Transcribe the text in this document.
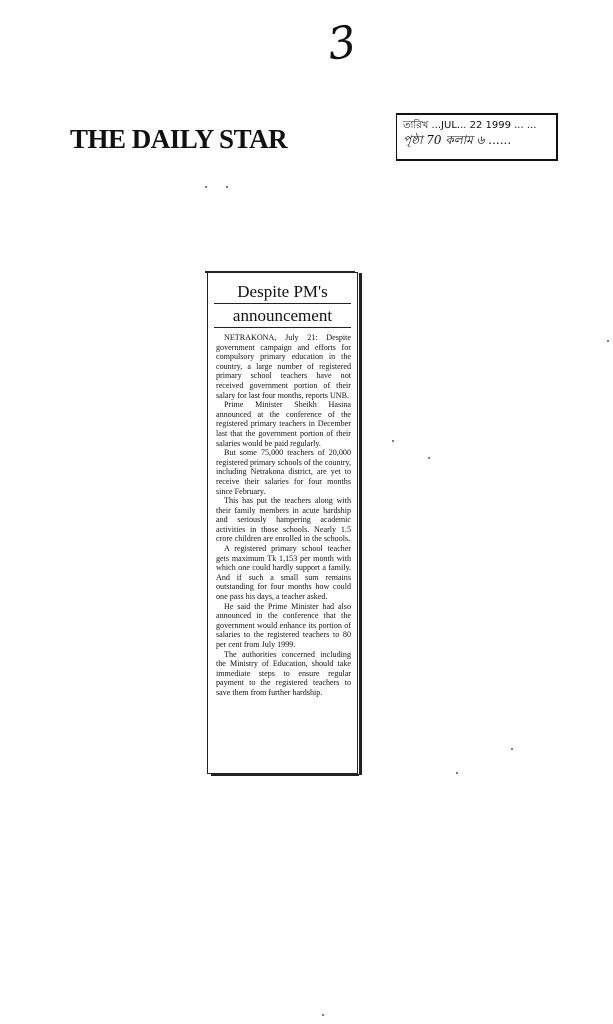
3
THE DAILY STAR	তারিখ ...JUL... 22 1999 ... ...
পৃষ্ঠা 70 কলাম ৬ ......
Despite PM's
announcement

NETRAKONA, July 21: Despite government campaign and efforts for compulsory primary education in the country, a large number of registered primary school teachers have not received government portion of their salary for last four months, reports UNB.

Prime Minister Sheikh Hasina announced at the conference of the registered primary teachers in December last that the government portion of their salaries would be paid regularly.

But some 75,000 teachers of 20,000 registered primary schools of the country, including Netrakona district, are yet to receive their salaries for four months since February.

This has put the teachers along with their family members in acute hardship and seriously hampering academic activities in those schools. Nearly 1.5 crore children are enrolled in the schools.

A registered primary school teacher gets maximum Tk 1,153 per month with which one could hardly support a family. And if such a small sum remains outstanding for four months how could one pass his days, a teacher asked.

He said the Prime Minister had also announced in the conference that the government would enhance its portion of salaries to the registered teachers to 80 per cent from July 1999.

The authorities concerned including the Ministry of Education, should take immediate steps to ensure regular payment to the registered teachers to save them from further hardship.
